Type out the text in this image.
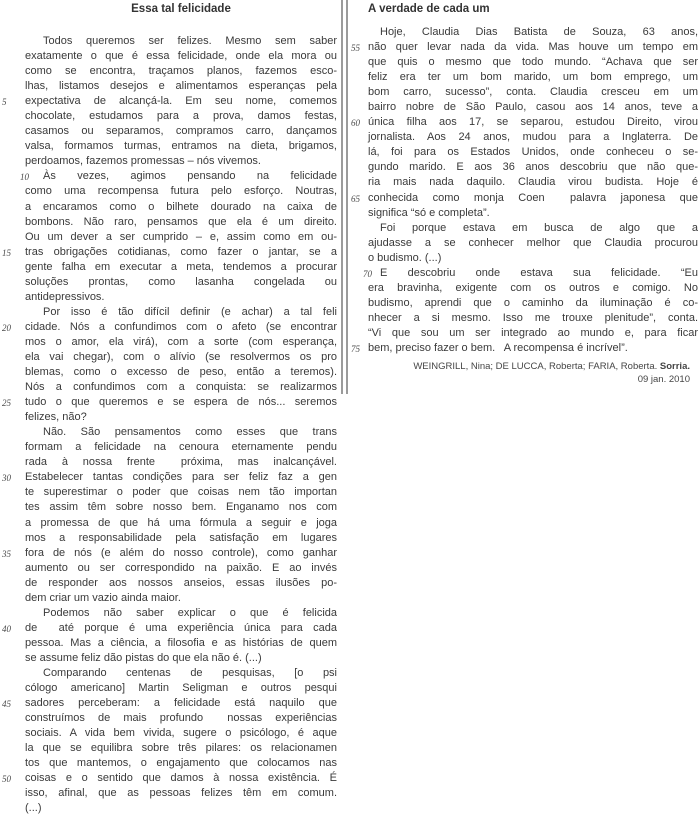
Essa tal felicidade
Todos queremos ser felizes. Mesmo sem saber
exatamente o que é essa felicidade, onde ela mora ou
como se encontra, traçamos planos, fazemos esco-
lhas, listamos desejos e alimentamos esperanças pela
5	expectativa de alcançá-la. Em seu nome, comemos
chocolate, estudamos para a prova, damos festas,
casamos ou separamos, compramos carro, dançamos
valsa, formamos turmas, entramos na dieta, brigamos,
perdoamos, fazemos promessas – nós vivemos.
10 Às vezes, agimos pensando na felicidade
como uma recompensa futura pelo esforço. Noutras,
a encaramos como o bilhete dourado na caixa de
bombons. Não raro, pensamos que ela é um direito.
Ou um dever a ser cumprido – e, assim como em ou-
15	tras obrigações cotidianas, como fazer o jantar, se a
gente falha em executar a meta, tendemos a procurar
soluções prontas, como lasanha congelada ou
antidepressivos.
Por isso é tão difícil definir (e achar) a tal feli
20	cidade. Nós a confundimos com o afeto (se encontrar
mos o amor, ela virá), com a sorte (com esperança,
ela vai chegar), com o alívio (se resolvermos os pro
blemas, como o excesso de peso, então a teremos).
Nós a confundimos com a conquista: se realizarmos
25	tudo o que queremos e se espera de nós... seremos
felizes, não?
Não. São pensamentos como esses que trans
formam a felicidade na cenoura eternamente pendu
rada à nossa frente  próxima, mas inalcançável.
30	Estabelecer tantas condições para ser feliz faz a gen
te superestimar o poder que coisas nem tão importan
tes assim têm sobre nosso bem. Enganamo nos com
a promessa de que há uma fórmula a seguir e joga
mos a responsabilidade pela satisfação em lugares
35	fora de nós (e além do nosso controle), como ganhar
aumento ou ser correspondido na paixão. E ao invés
de responder aos nossos anseios, essas ilusões po-
dem criar um vazio ainda maior.
Podemos não saber explicar o que é felicida
40	de  até porque é uma experiência única para cada
pessoa. Mas a ciência, a filosofia e as histórias de quem
se assume feliz dão pistas do que ela não é. (...)
Comparando centenas de pesquisas, [o psi
cólogo americano] Martin Seligman e outros pesqui
45	sadores perceberam: a felicidade está naquilo que
construímos de mais profundo  nossas experiências
sociais. A vida bem vivida, sugere o psicólogo, é aque
la que se equilibra sobre três pilares: os relacionamen
tos que mantemos, o engajamento que colocamos nas
50	coisas e o sentido que damos à nossa existência. É
isso, afinal, que as pessoas felizes têm em comum.
(...)
A verdade de cada um
Hoje, Claudia Dias Batista de Souza, 63 anos,
55 não quer levar nada da vida. Mas houve um tempo em
que quis o mesmo que todo mundo. “Achava que ser
feliz era ter um bom marido, um bom emprego, um
bom carro, sucesso”, conta. Claudia cresceu em um
bairro nobre de São Paulo, casou aos 14 anos, teve a
60 única filha aos 17, se separou, estudou Direito, virou
jornalista. Aos 24 anos, mudou para a Inglaterra. De
lá, foi para os Estados Unidos, onde conheceu o se-
gundo marido. E aos 36 anos descobriu que não que-
ria mais nada daquilo. Claudia virou budista. Hoje é
65 conhecida como monja Coen  palavra japonesa que
significa “só e completa”.
Foi porque estava em busca de algo que a
ajudasse a se conhecer melhor que Claudia procurou
o budismo. (...)
70 E descobriu onde estava sua felicidade. “Eu
era bravinha, exigente com os outros e comigo. No
budismo, aprendi que o caminho da iluminação é co-
nhecer a si mesmo. Isso me trouxe plenitude”, conta.
“Vi que sou um ser integrado ao mundo e, para ficar
75 bem, preciso fazer o bem.  A recompensa é incrível”.
WEINGRILL, Nina; DE LUCCA, Roberta; FARIA, Roberta. Sorria.
09 jan. 2010
